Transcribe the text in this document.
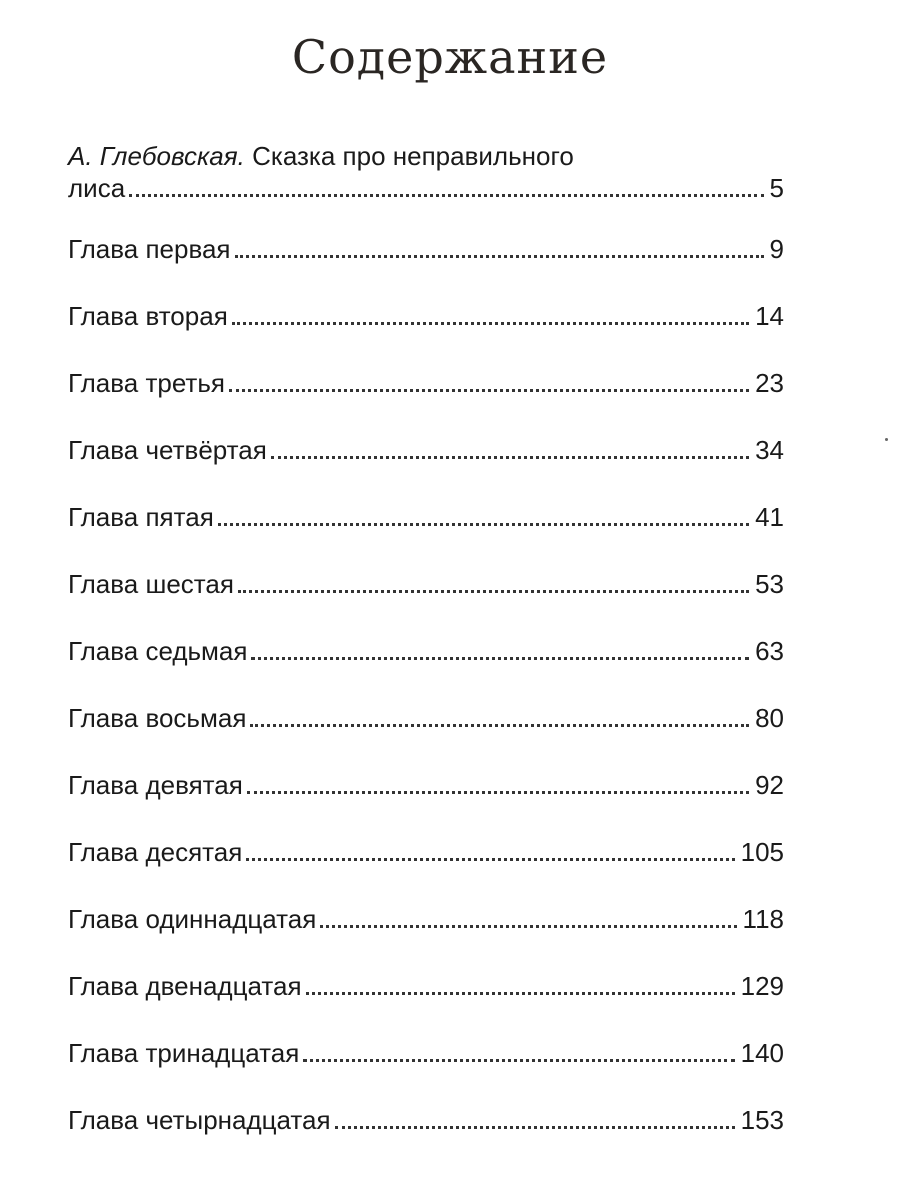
Содержание
А. Глебовская. Сказка про неправильного
лиса	5
Глава первая	9
Глава вторая	14
Глава третья	23
Глава четвёртая	34
Глава пятая	41
Глава шестая	53
Глава седьмая	63
Глава восьмая	80
Глава девятая	92
Глава десятая	105
Глава одиннадцатая	118
Глава двенадцатая	129
Глава тринадцатая	140
Глава четырнадцатая	153
